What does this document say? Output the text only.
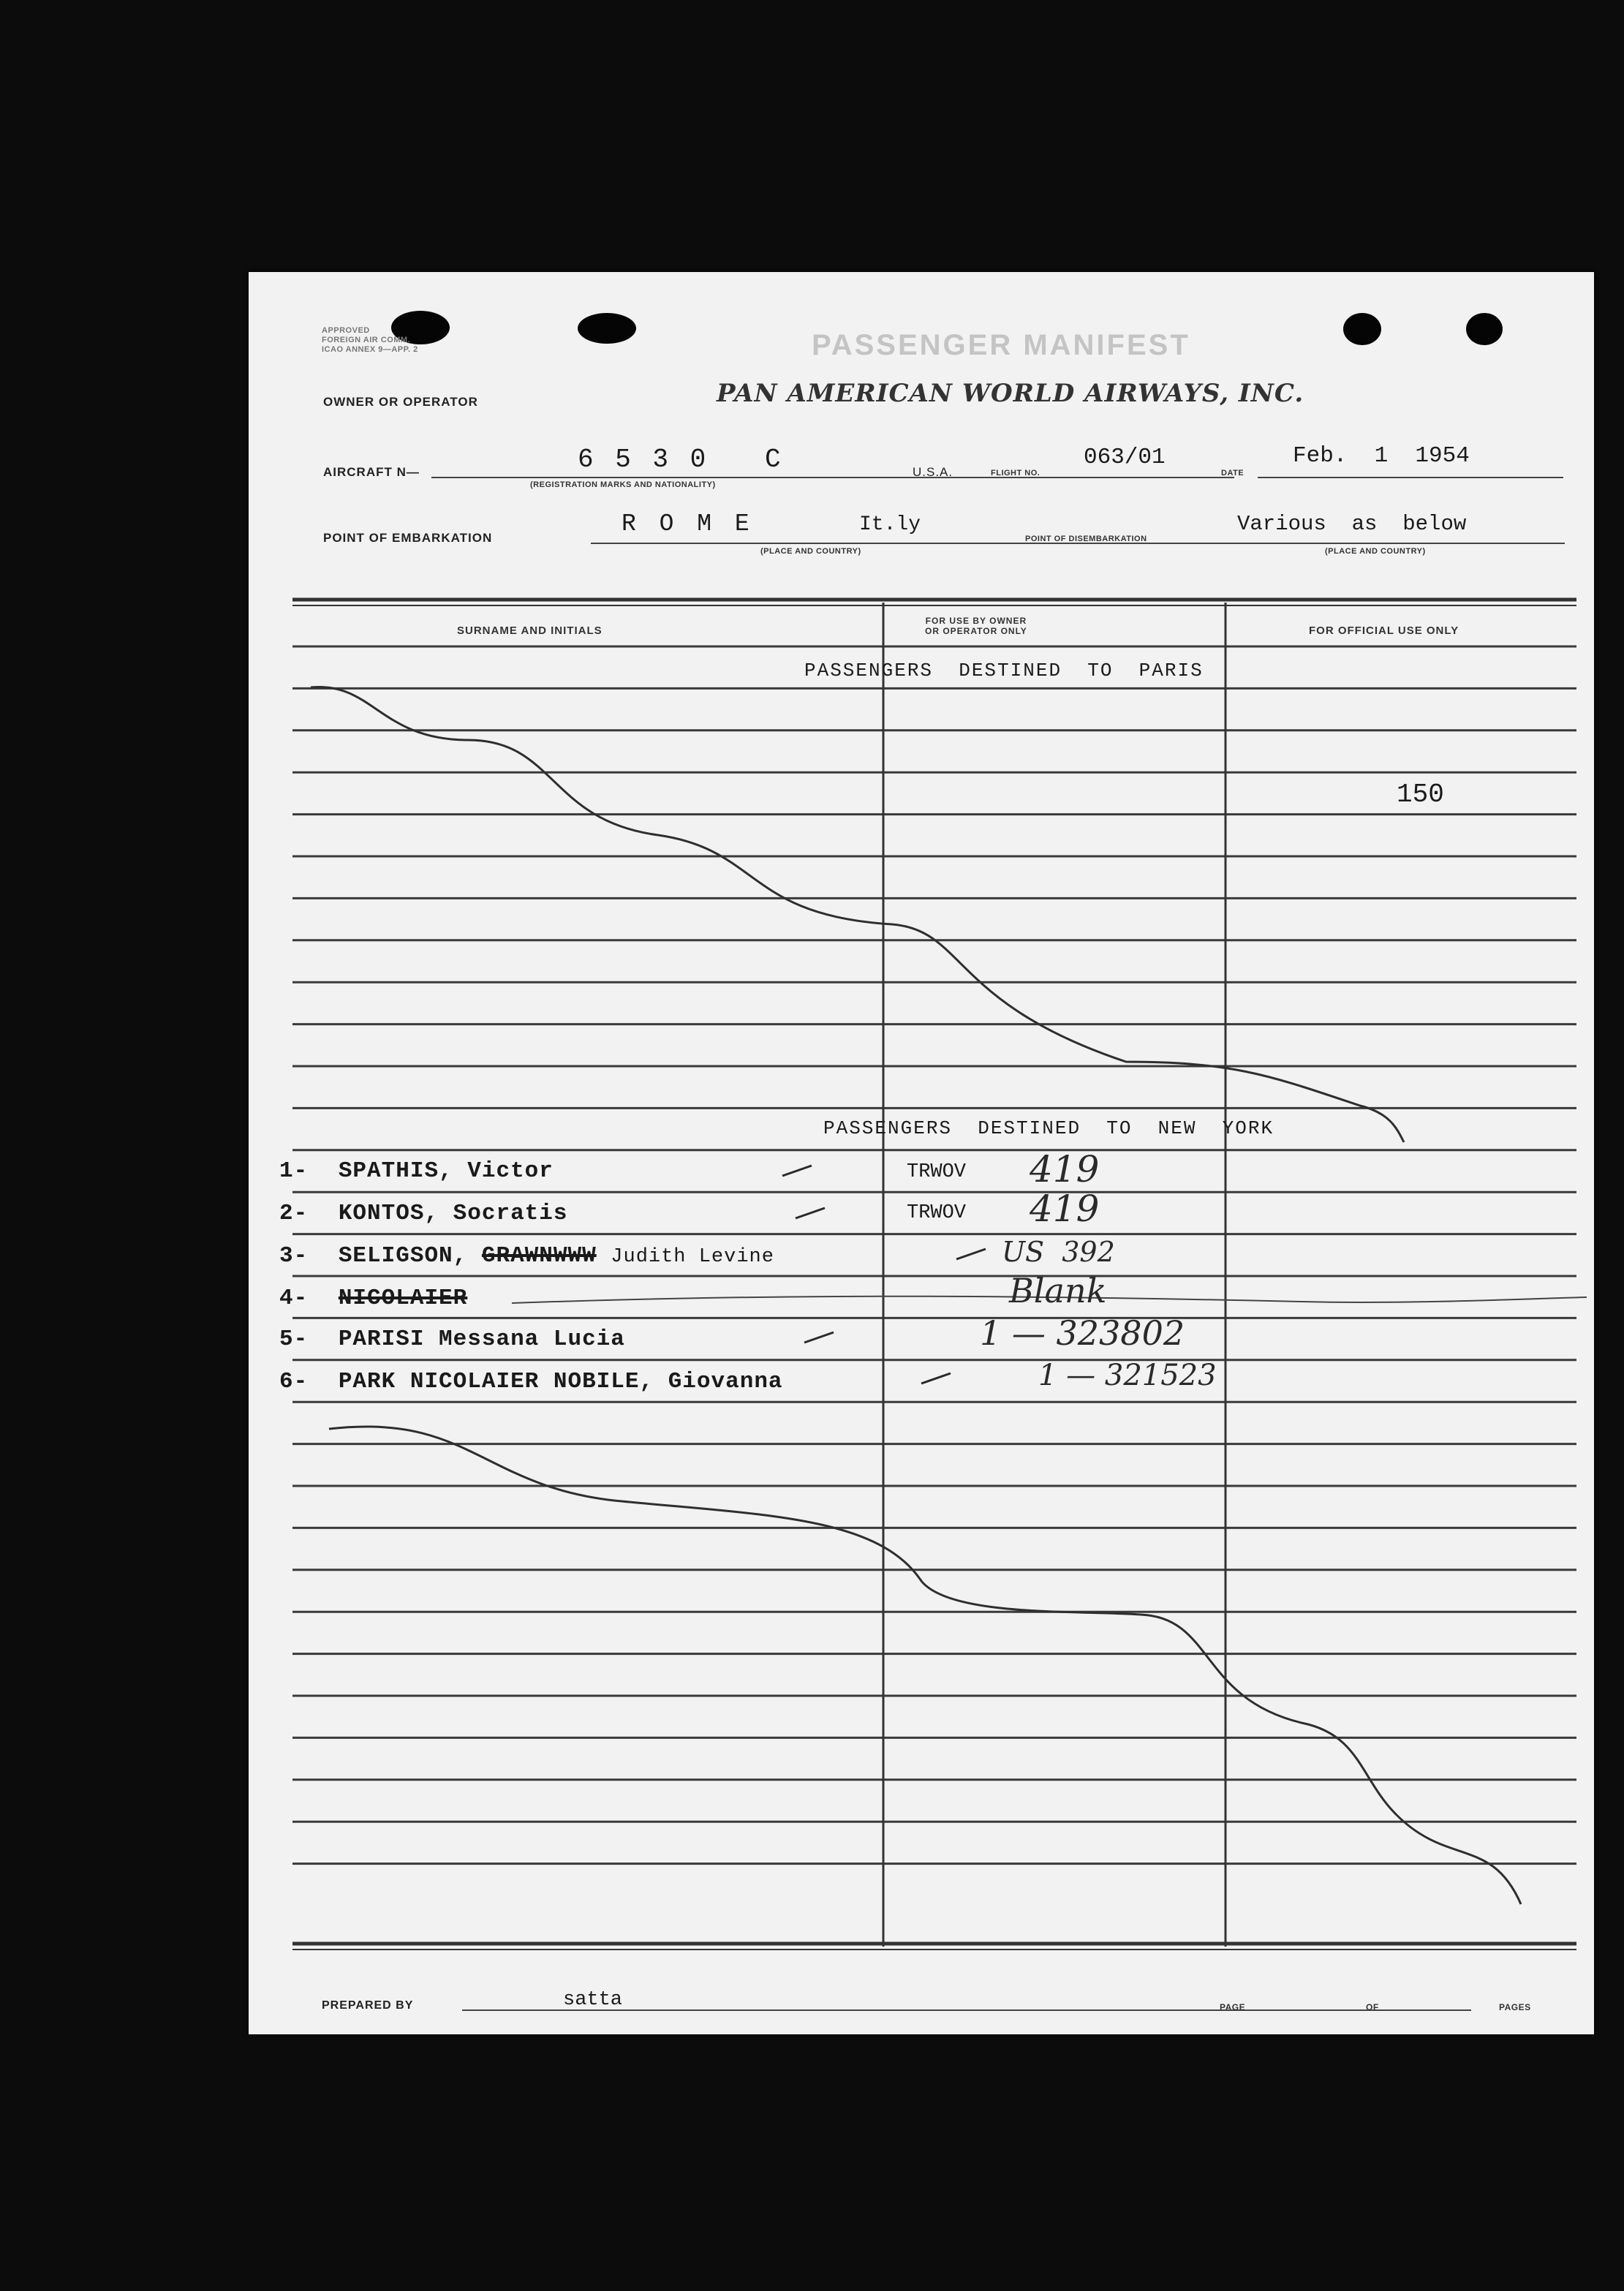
APPROVED
FOREIGN AIR COMM.
ICAO ANNEX 9—APP. 2	PASSENGER MANIFEST
OWNER OR OPERATOR	PAN AMERICAN WORLD AIRWAYS, INC.
AIRCRAFT N—	6 5 3 0   C
(REGISTRATION MARKS AND NATIONALITY)
U.S.A.	FLIGHT NO.
063/01
DATE
Feb.  1  1954
POINT OF EMBARKATION
R O M E	It.ly
(PLACE AND COUNTRY)
POINT OF DISEMBARKATION
Various  as  below
(PLACE AND COUNTRY)
SURNAME AND INITIALS
FOR USE BY OWNER
OR OPERATOR ONLY	FOR OFFICIAL USE ONLY
PASSENGERS  DESTINED  TO  PARIS
150
PASSENGERS  DESTINED  TO  NEW  YORK
1- SPATHIS, Victor	TRWOV 419
2- KONTOS, Socratis	TRWOV 419
3- SELIGSON, GRAWNWWW Judith Levine	US  392
4- NICOLAIER	Blank
5- PARISI Messana Lucia	1 — 323802
6- PARK NICOLAIER NOBILE, Giovanna	1 — 321523
PREPARED BY	satta	PAGE	OF	PAGES
